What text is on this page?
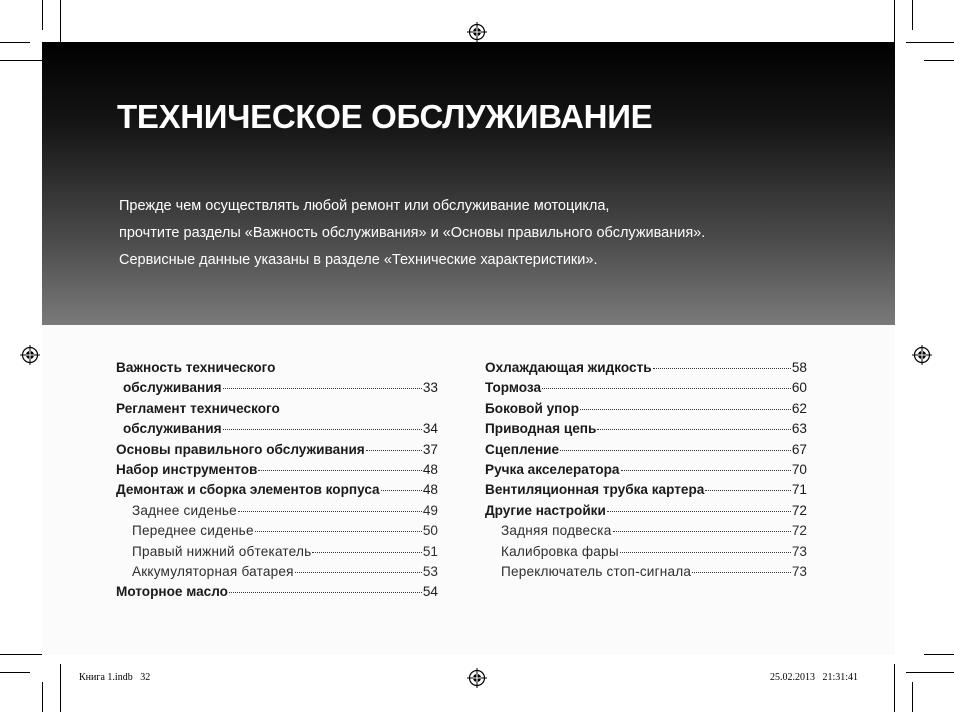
ТЕХНИЧЕСКОЕ ОБСЛУЖИВАНИЕ
Прежде чем осуществлять любой ремонт или обслуживание мотоцикла,
прочтите разделы «Важность обслуживания» и «Основы правильного обслуживания».
Сервисные данные указаны в разделе «Технические характеристики».
Важность технического
обслуживания	33
Регламент технического
обслуживания	34
Основы правильного обслуживания	37
Набор инструментов	48
Демонтаж и сборка элементов корпуса	48
Заднее сиденье	49
Переднее сиденье	50
Правый нижний обтекатель	51
Аккумуляторная батарея	53
Моторное масло	54
Охлаждающая жидкость	58
Тормоза	60
Боковой упор	62
Приводная цепь	63
Сцепление	67
Ручка акселератора	70
Вентиляционная трубка картера	71
Другие настройки	72
Задняя подвеска	72
Калибровка фары	73
Переключатель стоп-сигнала	73
Книга 1.indb   32	25.02.2013   21:31:41
